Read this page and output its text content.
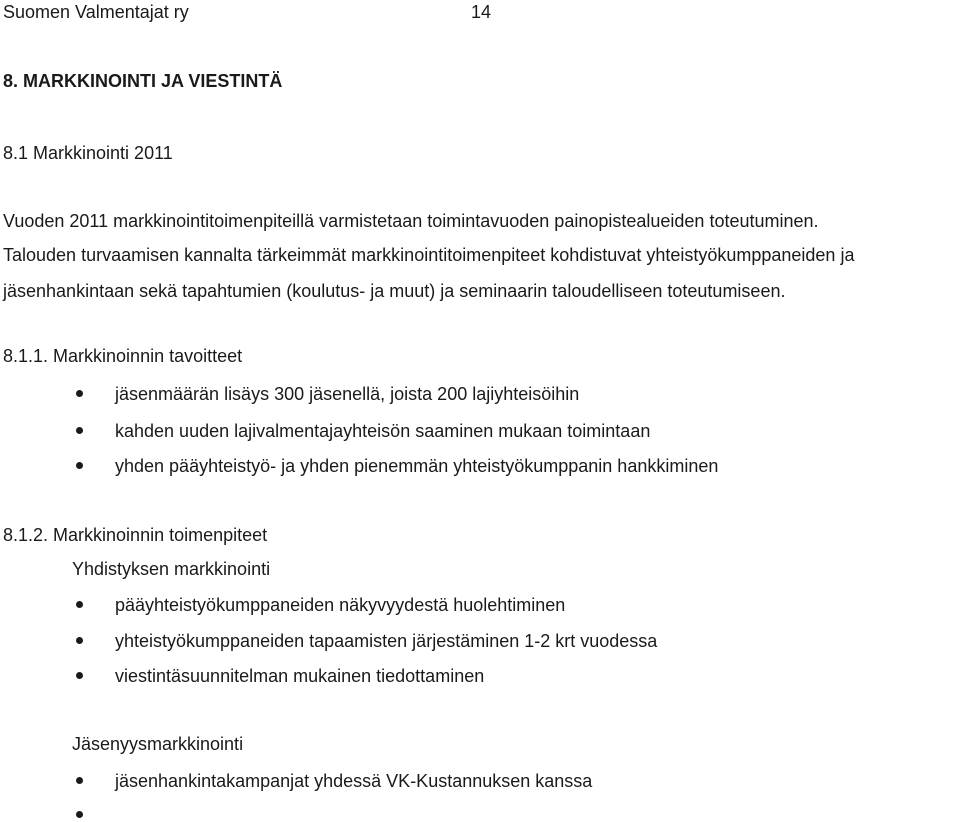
Suomen Valmentajat ry	14
8. MARKKINOINTI JA VIESTINTÄ
8.1 Markkinointi 2011
Vuoden 2011 markkinointitoimenpiteillä varmistetaan toimintavuoden painopistealueiden toteutuminen.
Talouden turvaamisen kannalta tärkeimmät markkinointitoimenpiteet kohdistuvat yhteistyökumppaneiden ja
jäsenhankintaan sekä tapahtumien (koulutus- ja muut) ja seminaarin taloudelliseen toteutumiseen.
8.1.1. Markkinoinnin tavoitteet
jäsenmäärän lisäys 300 jäsenellä, joista 200 lajiyhteisöihin
kahden uuden lajivalmentajayhteisön saaminen mukaan toimintaan
yhden pääyhteistyö- ja yhden pienemmän yhteistyökumppanin hankkiminen
8.1.2. Markkinoinnin toimenpiteet
Yhdistyksen markkinointi
pääyhteistyökumppaneiden näkyvyydestä huolehtiminen
yhteistyökumppaneiden tapaamisten järjestäminen 1-2 krt vuodessa
viestintäsuunnitelman mukainen tiedottaminen
Jäsenyysmarkkinointi
jäsenhankintakampanjat yhdessä VK-Kustannuksen kanssa
